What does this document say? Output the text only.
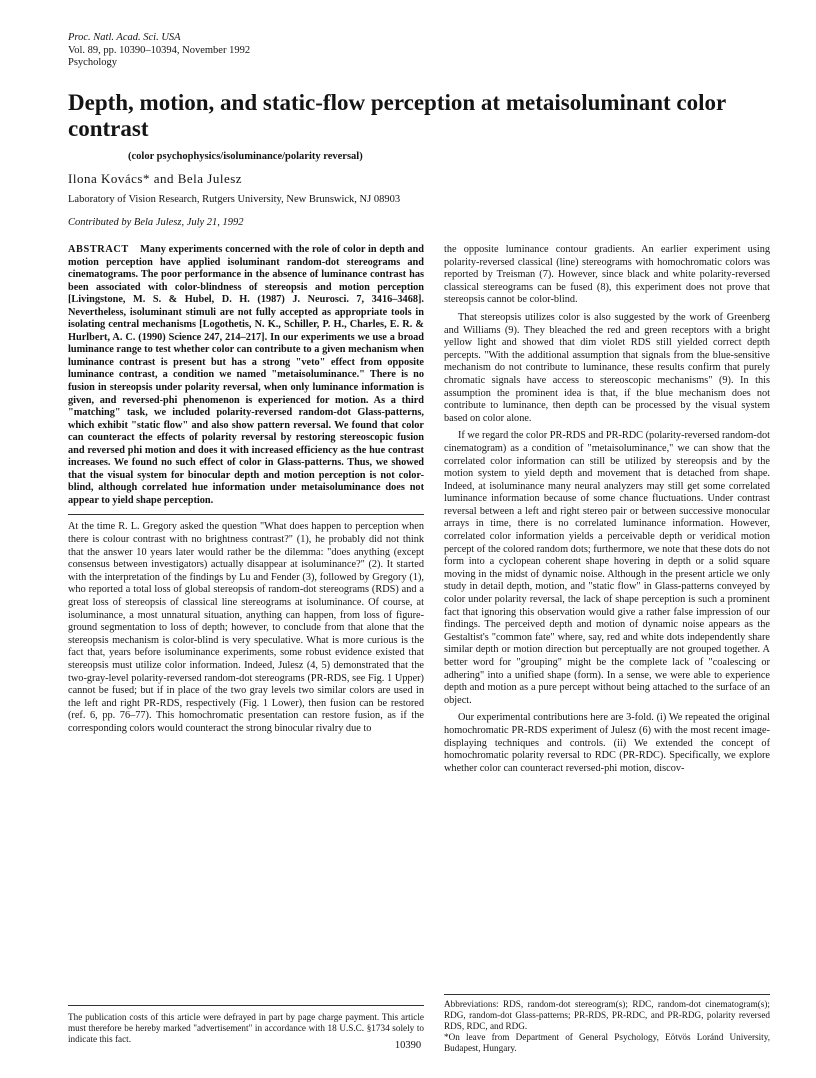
Proc. Natl. Acad. Sci. USA
Vol. 89, pp. 10390–10394, November 1992
Psychology
Depth, motion, and static-flow perception at metaisoluminant color contrast
(color psychophysics/isoluminance/polarity reversal)
Ilona Kovács* and Bela Julesz
Laboratory of Vision Research, Rutgers University, New Brunswick, NJ 08903
Contributed by Bela Julesz, July 21, 1992

ABSTRACT Many experiments concerned with the role of color in depth and motion perception have applied isoluminant random-dot stereograms and cinematograms. The poor performance in the absence of luminance contrast has been associated with color-blindness of stereopsis and motion perception [Livingstone, M. S. & Hubel, D. H. (1987) J. Neurosci. 7, 3416–3468]. Nevertheless, isoluminant stimuli are not fully accepted as appropriate tools in isolating central mechanisms [Logothetis, N. K., Schiller, P. H., Charles, E. R. & Hurlbert, A. C. (1990) Science 247, 214–217]. In our experiments we use a broad luminance range to test whether color can contribute to a given mechanism when luminance contrast is present but has a strong "veto" effect from opposite luminance contrast, a condition we named "metaisoluminance." There is no fusion in stereopsis under polarity reversal, when only luminance information is given, and reversed-phi phenomenon is experienced for motion. As a third "matching" task, we included polarity-reversed random-dot Glass-patterns, which exhibit "static flow" and also show pattern reversal. We found that color can counteract the effects of polarity reversal by restoring stereoscopic fusion and reversed phi motion and does it with increased efficiency as the hue contrast increases. We found no such effect of color in Glass-patterns. Thus, we showed that the visual system for binocular depth and motion perception is not color-blind, although correlated hue information under metaisoluminance does not appear to yield shape perception.

At the time R. L. Gregory asked the question "What does happen to perception when there is colour contrast with no brightness contrast?" (1), he probably did not think that the answer 10 years later would rather be the dilemma: "does anything (except consensus between investigators) actually disappear at isoluminance?" (2). It started with the interpretation of the findings by Lu and Fender (3), followed by Gregory (1), who reported a total loss of global stereopsis of random-dot stereograms (RDS) and a great loss of stereopsis of classical line stereograms at isoluminance. Of course, at isoluminance, a most unnatural situation, anything can happen, from loss of figure-ground segmentation to loss of depth; however, to conclude from that alone that the stereopsis mechanism is color-blind is very speculative. What is more curious is the fact that, years before isoluminance experiments, some robust evidence existed that stereopsis must utilize color information. Indeed, Julesz (4, 5) demonstrated that the two-gray-level polarity-reversed random-dot stereograms (PR-RDS, see Fig. 1 Upper) cannot be fused; but if in place of the two gray levels two similar colors are used in the left and right PR-RDS, respectively (Fig. 1 Lower), then fusion can be restored (ref. 6, pp. 76–77). This homochromatic presentation can restore fusion, as if the corresponding colors would counteract the strong binocular rivalry due to

the opposite luminance contour gradients. An earlier experiment using polarity-reversed classical (line) stereograms with homochromatic colors was reported by Treisman (7). However, since black and white polarity-reversed classical stereograms can be fused (8), this experiment does not prove that stereopsis cannot be color-blind.

That stereopsis utilizes color is also suggested by the work of Greenberg and Williams (9). They bleached the red and green receptors with a bright yellow light and showed that dim violet RDS still yielded correct depth percepts. "With the additional assumption that signals from the blue-sensitive mechanism do not contribute to luminance, these results confirm that purely chromatic signals have access to stereoscopic mechanisms" (9). In this assumption the prominent idea is that, if the blue mechanism does not contribute to luminance, then depth can be processed by the visual system based on color alone.

If we regard the color PR-RDS and PR-RDC (polarity-reversed random-dot cinematogram) as a condition of "metaisoluminance," we can show that the correlated color information can still be utilized by stereopsis and by the motion system to yield depth and movement that is detached from shape. Indeed, at isoluminance many neural analyzers may still get some correlated luminance information because of some chance fluctuations. Under contrast reversal between a left and right stereo pair or between successive monocular arrays in time, there is no correlated luminance information. However, correlated color information yields a perceivable depth or veridical motion percept of the colored random dots; furthermore, we note that these dots do not form into a cyclopean coherent shape hovering in depth or a solid square moving in the midst of dynamic noise. Although in the present article we only study in detail depth, motion, and "static flow" in Glass-patterns conveyed by color under polarity reversal, the lack of shape perception is such a prominent fact that ignoring this observation would give a rather false impression of our findings. The perceived depth and motion of dynamic noise appears as the Gestaltist's "common fate" where, say, red and white dots independently share similar depth or motion direction but perceptually are not grouped together. A better word for "grouping" might be the complete lack of "coalescing or adhering" into a unified shape (form). In a sense, we were able to experience depth and motion as a pure percept without being attached to the surface of an object.

Our experimental contributions here are 3-fold. (i) We repeated the original homochromatic PR-RDS experiment of Julesz (6) with the most recent image-displaying techniques and controls. (ii) We extended the concept of homochromatic polarity reversal to RDC (PR-RDC). Specifically, we explore whether color can counteract reversed-phi motion, discov-

The publication costs of this article were defrayed in part by page charge payment. This article must therefore be hereby marked "advertisement" in accordance with 18 U.S.C. §1734 solely to indicate this fact.

Abbreviations: RDS, random-dot stereogram(s); RDC, random-dot cinematogram(s); RDG, random-dot Glass-patterns; PR-RDS, PR-RDC, and PR-RDG, polarity reversed RDS, RDC, and RDG.

*On leave from Department of General Psychology, Eötvös Loránd University, Budapest, Hungary.

10390
